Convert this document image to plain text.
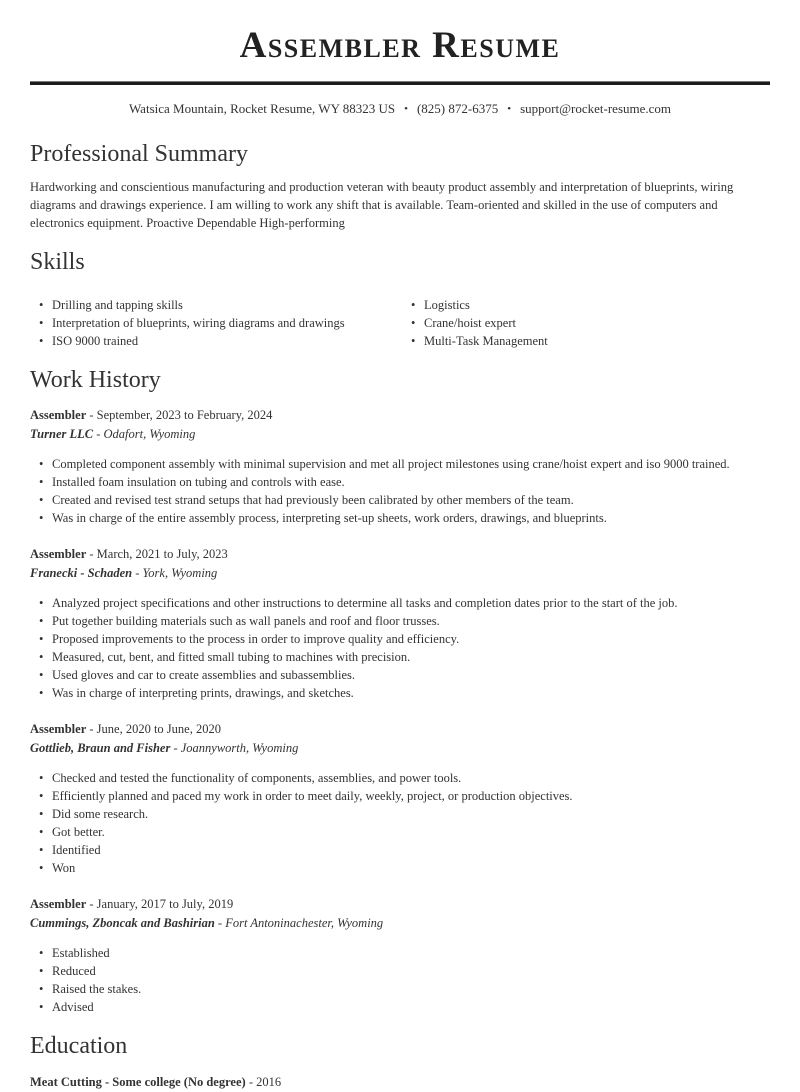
Assembler Resume
Watsica Mountain, Rocket Resume, WY 88323 US • (825) 872-6375 • support@rocket-resume.com
Professional Summary

Hardworking and conscientious manufacturing and production veteran with beauty product assembly and interpretation of blueprints, wiring diagrams and drawings experience. I am willing to work any shift that is available. Team-oriented and skilled in the use of computers and electronics equipment. Proactive Dependable High-performing

Skills
• Drilling and tapping skills
• Interpretation of blueprints, wiring diagrams and drawings
• ISO 9000 trained
• Logistics
• Crane/hoist expert
• Multi-Task Management
Work History

Assembler - September, 2023 to February, 2024

Turner LLC - Odafort, Wyoming

• Completed component assembly with minimal supervision and met all project milestones using crane/hoist expert and iso 9000 trained.
• Installed foam insulation on tubing and controls with ease.
• Created and revised test strand setups that had previously been calibrated by other members of the team.
• Was in charge of the entire assembly process, interpreting set-up sheets, work orders, drawings, and blueprints.

Assembler - March, 2021 to July, 2023

Franecki - Schaden - York, Wyoming

• Analyzed project specifications and other instructions to determine all tasks and completion dates prior to the start of the job.
• Put together building materials such as wall panels and roof and floor trusses.
• Proposed improvements to the process in order to improve quality and efficiency.
• Measured, cut, bent, and fitted small tubing to machines with precision.
• Used gloves and car to create assemblies and subassemblies.
• Was in charge of interpreting prints, drawings, and sketches.

Assembler - June, 2020 to June, 2020

Gottlieb, Braun and Fisher - Joannyworth, Wyoming

• Checked and tested the functionality of components, assemblies, and power tools.
• Efficiently planned and paced my work in order to meet daily, weekly, project, or production objectives.
• Did some research.
• Got better.
• Identified
• Won

Assembler - January, 2017 to July, 2019

Cummings, Zboncak and Bashirian - Fort Antoninachester, Wyoming

• Established
• Reduced
• Raised the stakes.
• Advised
Education

Meat Cutting - Some college (No degree) - 2016
